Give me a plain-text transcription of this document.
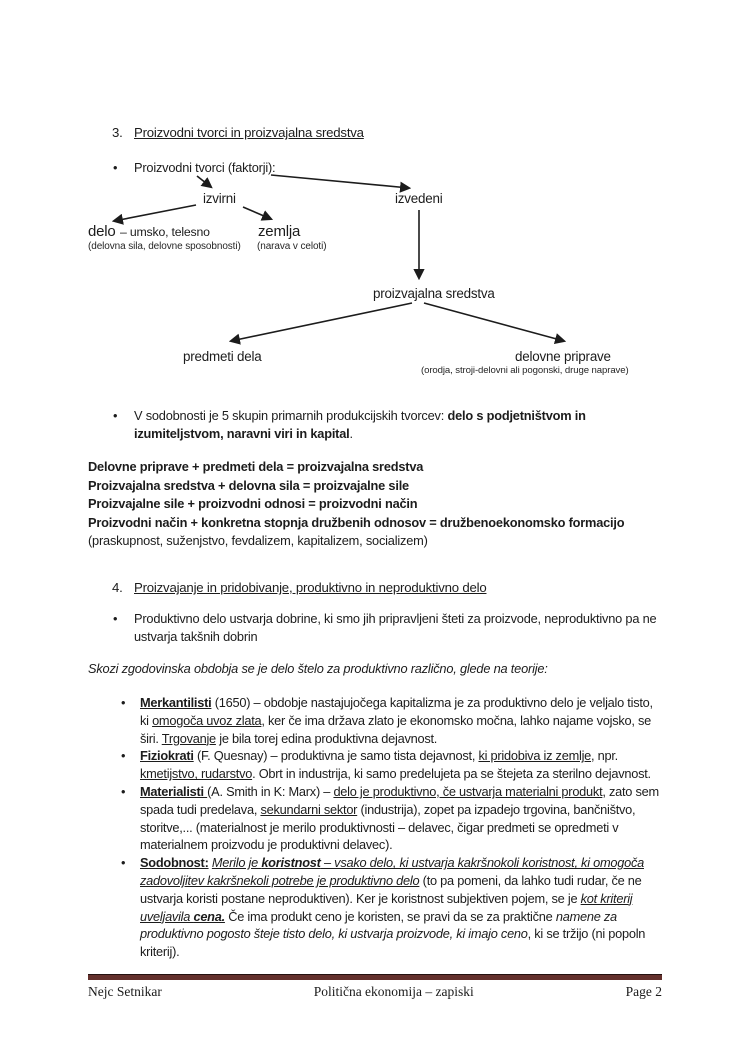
3. Proizvodni tvorci in proizvajalna sredstva
•	Proizvodni tvorci (faktorji):
izvirni	izvedeni
delo – umsko, telesno
(delovna sila, delovne sposobnosti)
zemlja
(narava v celoti)
proizvajalna sredstva
predmeti dela	delovne priprave
(orodja, stroji-delovni ali pogonski, druge naprave)
•	V sodobnosti je 5 skupin primarnih produkcijskih tvorcev: delo s podjetništvom in izumiteljstvom, naravni viri in kapital.
Delovne priprave + predmeti dela = proizvajalna sredstva
Proizvajalna sredstva + delovna sila = proizvajalne sile
Proizvajalne sile + proizvodni odnosi = proizvodni način
Proizvodni način + konkretna stopnja družbenih odnosov = družbenoekonomsko formacijo
(praskupnost, suženjstvo, fevdalizem, kapitalizem, socializem)
4. Proizvajanje in pridobivanje, produktivno in neproduktivno delo
•	Produktivno delo ustvarja dobrine, ki smo jih pripravljeni šteti za proizvode, neproduktivno pa ne ustvarja takšnih dobrin
Skozi zgodovinska obdobja se je delo štelo za produktivno različno, glede na teorije:
•	Merkantilisti (1650) – obdobje nastajujočega kapitalizma je za produktivno delo je veljalo tisto, ki omogoča uvoz zlata, ker če ima država zlato je ekonomsko močna, lahko najame vojsko, se širi. Trgovanje je bila torej edina produktivna dejavnost.
•	Fiziokrati (F. Quesnay) – produktivna je samo tista dejavnost, ki pridobiva iz zemlje, npr. kmetijstvo, rudarstvo. Obrt in industrija, ki samo predelujeta pa se štejeta za sterilno dejavnost.
•	Materialisti (A. Smith in K: Marx) – delo je produktivno, če ustvarja materialni produkt, zato sem spada tudi predelava, sekundarni sektor (industrija), zopet pa izpadejo trgovina, bančništvo, storitve,... (materialnost je merilo produktivnosti – delavec, čigar predmeti se opredmeti v materialnem proizvodu je produktivni delavec).
•	Sodobnost: Merilo je koristnost – vsako delo, ki ustvarja kakršnokoli koristnost, ki omogoča zadovoljitev kakršnekoli potrebe je produktivno delo (to pa pomeni, da lahko tudi rudar, če ne ustvarja koristi postane neproduktiven). Ker je koristnost subjektiven pojem, se je kot kriterij uveljavila cena. Če ima produkt ceno je koristen, se pravi da se za praktične namene za produktivno pogosto šteje tisto delo, ki ustvarja proizvode, ki imajo ceno, ki se tržijo (ni popoln kriterij).
Nejc Setnikar	Politična ekonomija – zapiski	Page 2
